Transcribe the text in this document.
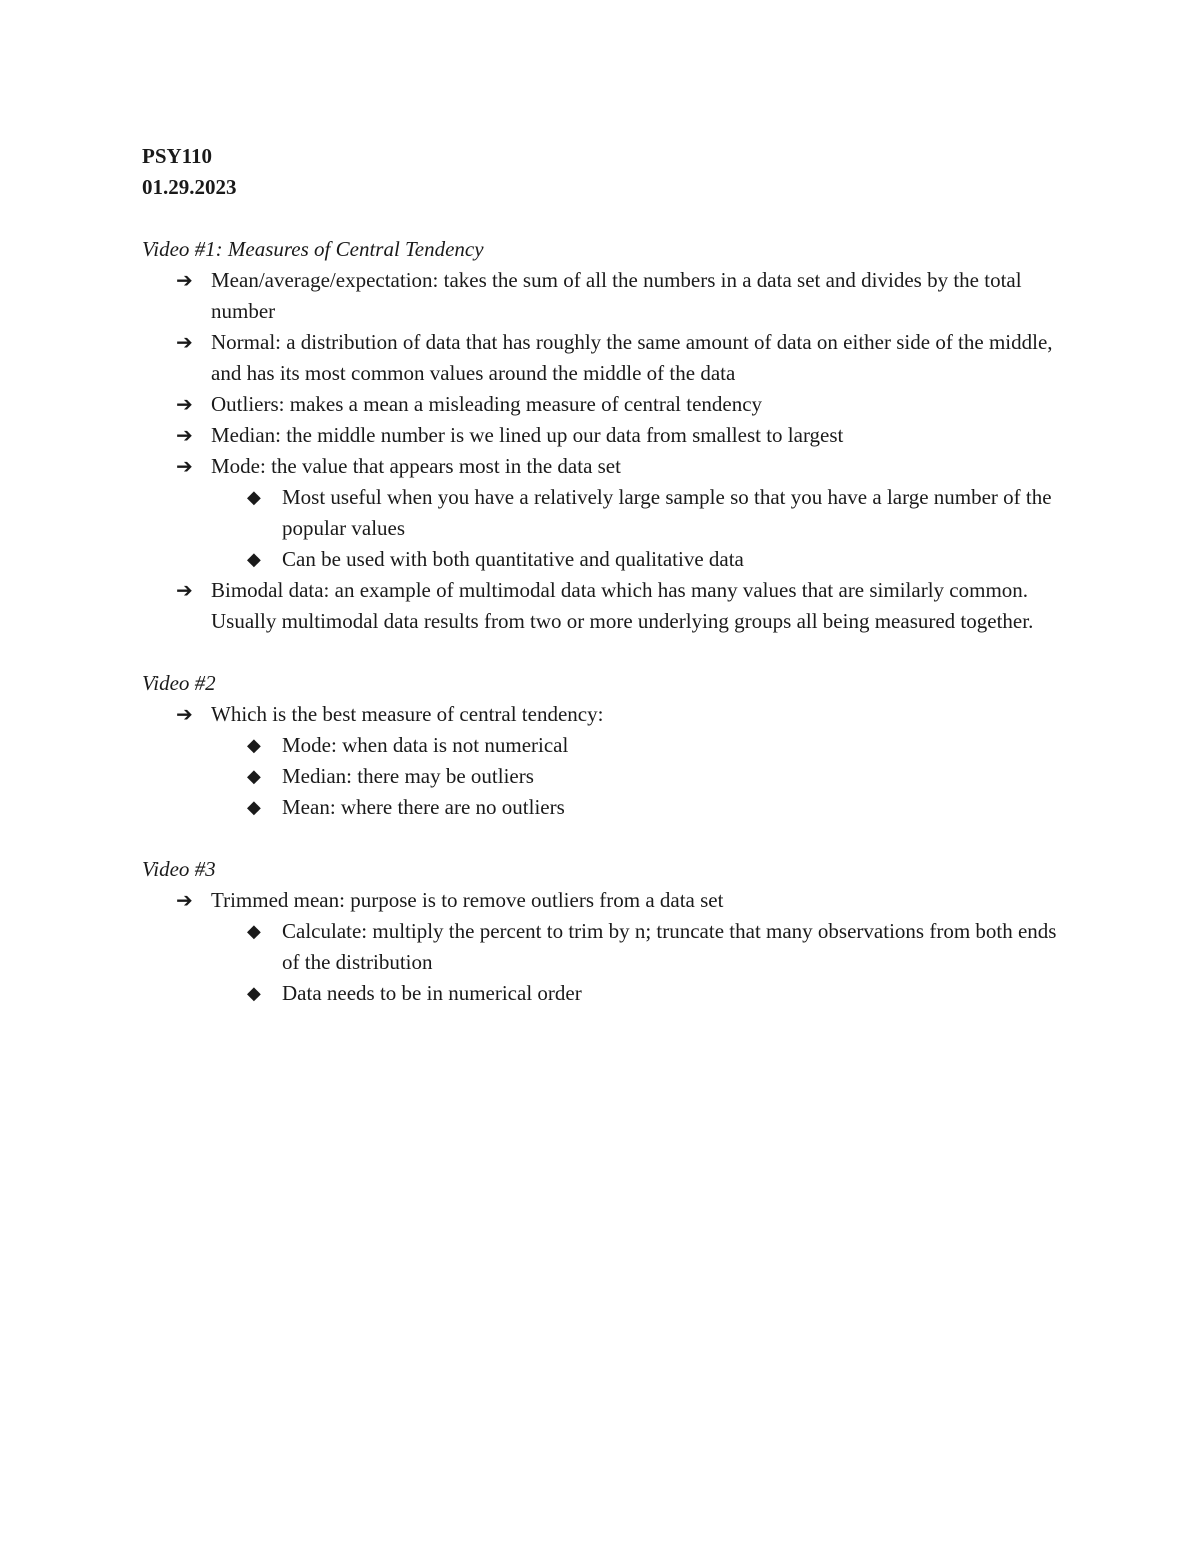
PSY110
01.29.2023
Video #1: Measures of Central Tendency
➔ Mean/average/expectation: takes the sum of all the numbers in a data set and divides by the total number
➔ Normal: a distribution of data that has roughly the same amount of data on either side of the middle, and has its most common values around the middle of the data
➔ Outliers: makes a mean a misleading measure of central tendency
➔ Median: the middle number is we lined up our data from smallest to largest
➔ Mode: the value that appears most in the data set
◆ Most useful when you have a relatively large sample so that you have a large number of the popular values
◆ Can be used with both quantitative and qualitative data
➔ Bimodal data: an example of multimodal data which has many values that are similarly common. Usually multimodal data results from two or more underlying groups all being measured together.
Video #2
➔ Which is the best measure of central tendency:
◆ Mode: when data is not numerical
◆ Median: there may be outliers
◆ Mean: where there are no outliers
Video #3
➔ Trimmed mean: purpose is to remove outliers from a data set
◆ Calculate: multiply the percent to trim by n; truncate that many observations from both ends of the distribution
◆ Data needs to be in numerical order
